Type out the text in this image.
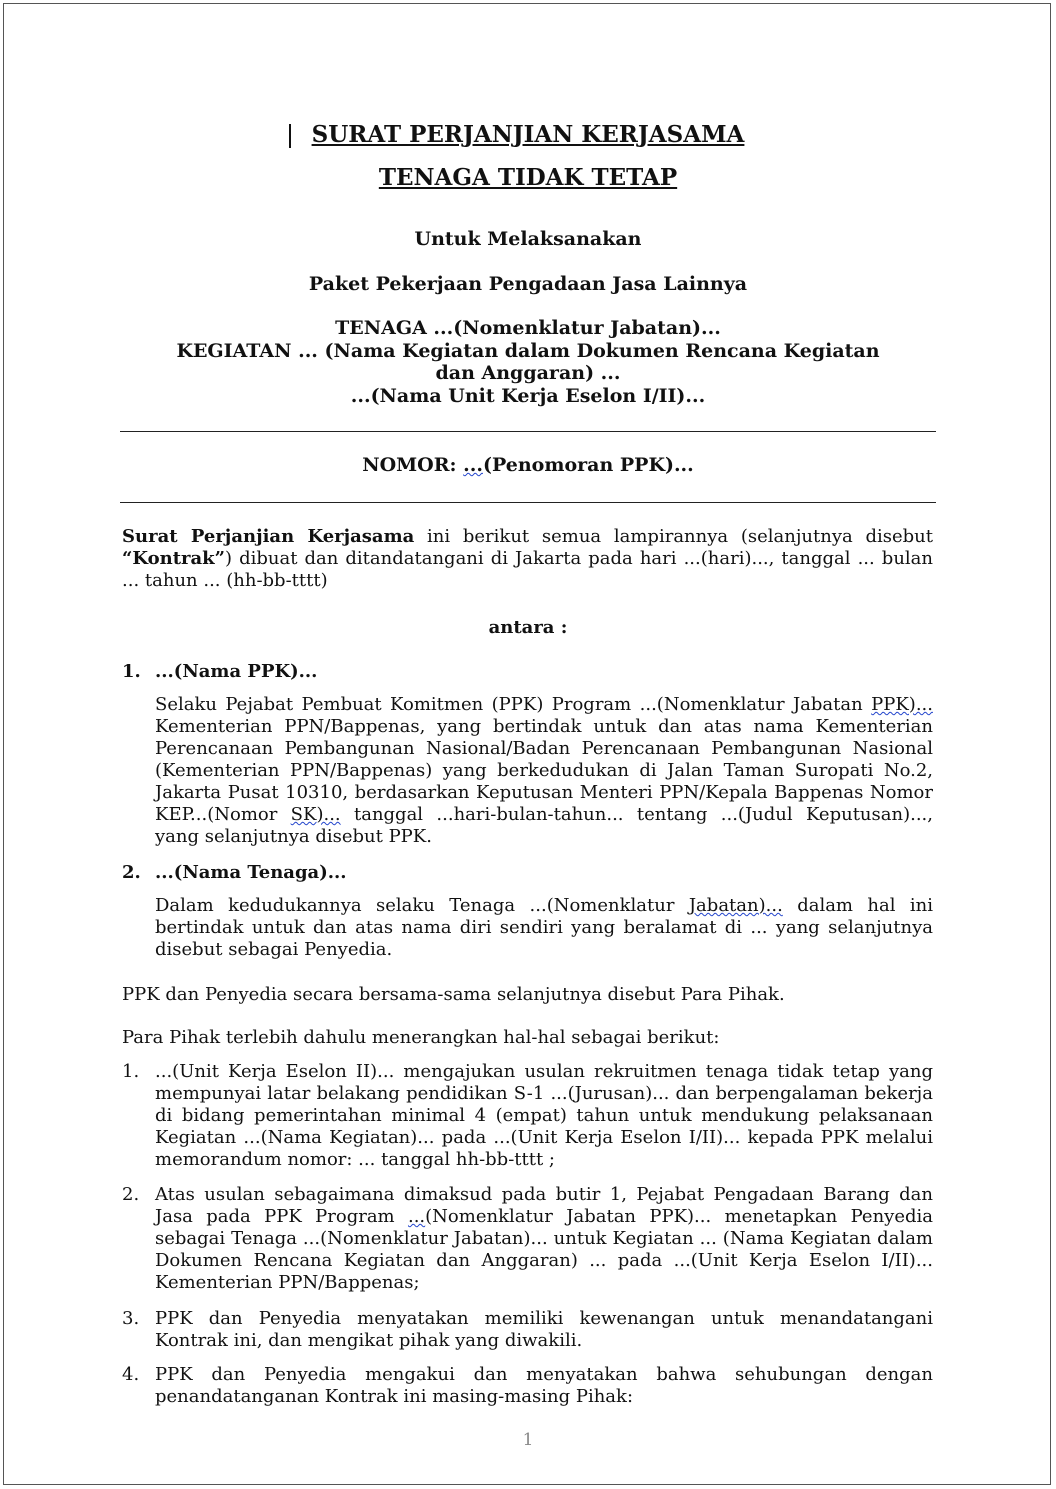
SURAT PERJANJIAN KERJASAMA
TENAGA TIDAK TETAP
Untuk Melaksanakan
Paket Pekerjaan Pengadaan Jasa Lainnya
TENAGA ...(Nomenklatur Jabatan)...
KEGIATAN ... (Nama Kegiatan dalam Dokumen Rencana Kegiatan dan Anggaran) ...
...(Nama Unit Kerja Eselon I/II)...
NOMOR: ...(Penomoran PPK)...
Surat Perjanjian Kerjasama ini berikut semua lampirannya (selanjutnya disebut “Kontrak”) dibuat dan ditandatangani di Jakarta pada hari ...(hari)..., tanggal ... bulan ... tahun ... (hh-bb-tttt)
antara :
1. ...(Nama PPK)...
Selaku Pejabat Pembuat Komitmen (PPK) Program ...(Nomenklatur Jabatan PPK)... Kementerian PPN/Bappenas, yang bertindak untuk dan atas nama Kementerian Perencanaan Pembangunan Nasional/Badan Perencanaan Pembangunan Nasional (Kementerian PPN/Bappenas) yang berkedudukan di Jalan Taman Suropati No.2, Jakarta Pusat 10310, berdasarkan Keputusan Menteri PPN/Kepala Bappenas Nomor KEP...(Nomor SK)... tanggal ...hari-bulan-tahun... tentang ...(Judul Keputusan)..., yang selanjutnya disebut PPK.
2. ...(Nama Tenaga)...
Dalam kedudukannya selaku Tenaga ...(Nomenklatur Jabatan)... dalam hal ini bertindak untuk dan atas nama diri sendiri yang beralamat di ... yang selanjutnya disebut sebagai Penyedia.
PPK dan Penyedia secara bersama-sama selanjutnya disebut Para Pihak.
Para Pihak terlebih dahulu menerangkan hal-hal sebagai berikut:
1. ...(Unit Kerja Eselon II)... mengajukan usulan rekruitmen tenaga tidak tetap yang mempunyai latar belakang pendidikan S-1 ...(Jurusan)... dan berpengalaman bekerja di bidang pemerintahan minimal 4 (empat) tahun untuk mendukung pelaksanaan Kegiatan ...(Nama Kegiatan)... pada ...(Unit Kerja Eselon I/II)... kepada PPK melalui memorandum nomor: ... tanggal hh-bb-tttt ;
2. Atas usulan sebagaimana dimaksud pada butir 1, Pejabat Pengadaan Barang dan Jasa pada PPK Program ...(Nomenklatur Jabatan PPK)... menetapkan Penyedia sebagai Tenaga ...(Nomenklatur Jabatan)... untuk Kegiatan ... (Nama Kegiatan dalam Dokumen Rencana Kegiatan dan Anggaran) ... pada ...(Unit Kerja Eselon I/II)... Kementerian PPN/Bappenas;
3. PPK dan Penyedia menyatakan memiliki kewenangan untuk menandatangani Kontrak ini, dan mengikat pihak yang diwakili.
4. PPK dan Penyedia mengakui dan menyatakan bahwa sehubungan dengan penandatanganan Kontrak ini masing-masing Pihak:
1
